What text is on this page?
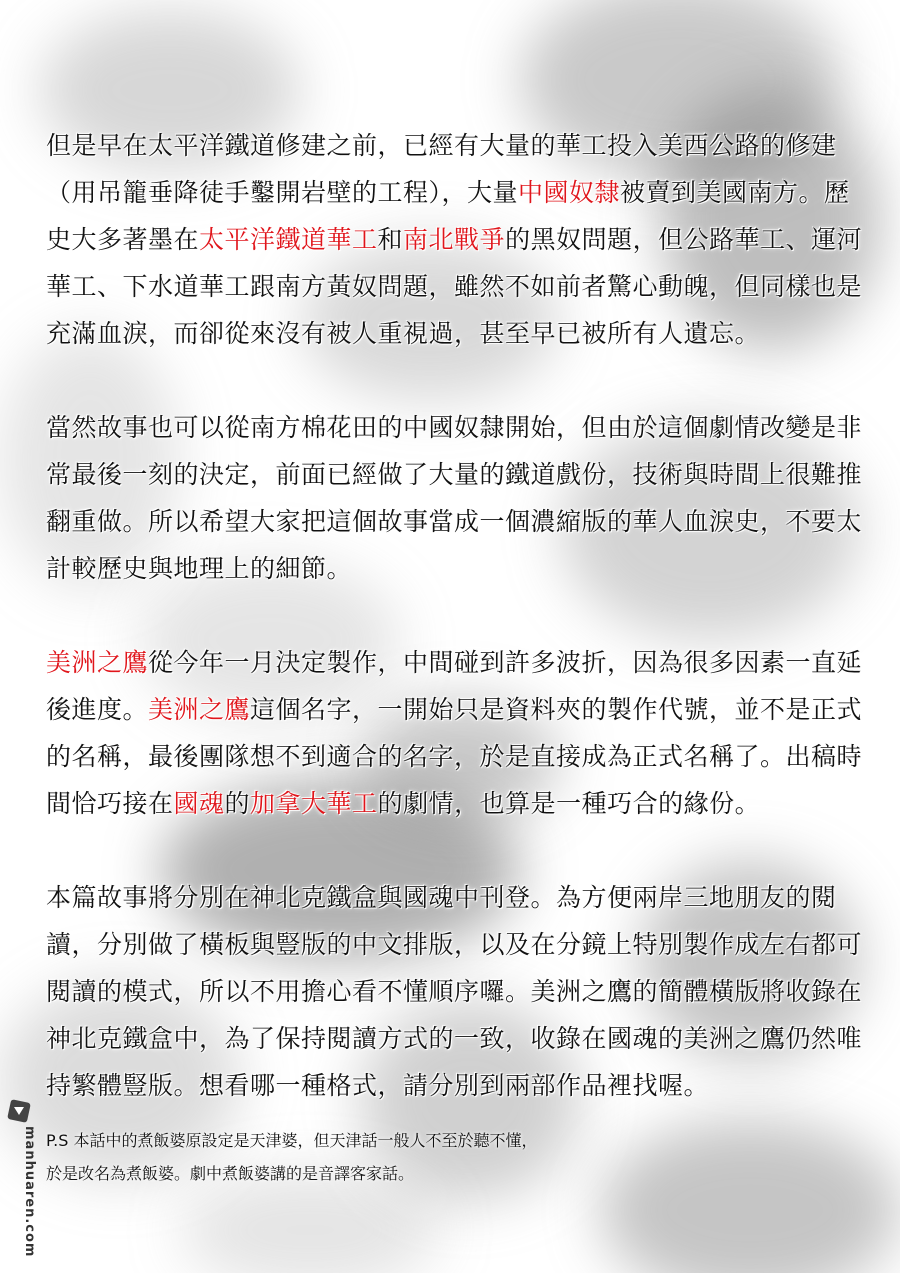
但是早在太平洋鐵道修建之前，已經有大量的華工投入美西公路的修建（用吊籠垂降徒手鑿開岩壁的工程），大量中國奴隸被賣到美國南方。歷史大多著墨在太平洋鐵道華工和南北戰爭的黑奴問題，但公路華工、運河華工、下水道華工跟南方黃奴問題，雖然不如前者驚心動魄，但同樣也是充滿血淚，而卻從來沒有被人重視過，甚至早已被所有人遺忘。

當然故事也可以從南方棉花田的中國奴隸開始，但由於這個劇情改變是非常最後一刻的決定，前面已經做了大量的鐵道戲份，技術與時間上很難推翻重做。所以希望大家把這個故事當成一個濃縮版的華人血淚史，不要太計較歷史與地理上的細節。

美洲之鷹從今年一月決定製作，中間碰到許多波折，因為很多因素一直延後進度。美洲之鷹這個名字，一開始只是資料夾的製作代號，並不是正式的名稱，最後團隊想不到適合的名字，於是直接成為正式名稱了。出稿時間恰巧接在國魂的加拿大華工的劇情，也算是一種巧合的緣份。

本篇故事將分別在神北克鐵盒與國魂中刊登。為方便兩岸三地朋友的閱讀，分別做了橫板與豎版的中文排版，以及在分鏡上特別製作成左右都可閱讀的模式，所以不用擔心看不懂順序囉。美洲之鷹的簡體橫版將收錄在神北克鐵盒中，為了保持閱讀方式的一致，收錄在國魂的美洲之鷹仍然唯持繁體豎版。想看哪一種格式，請分別到兩部作品裡找喔。

P.S 本話中的煮飯婆原設定是天津婆，但天津話一般人不至於聽不懂，

於是改名為煮飯婆。劇中煮飯婆講的是音譯客家話。

manhuaren.com
